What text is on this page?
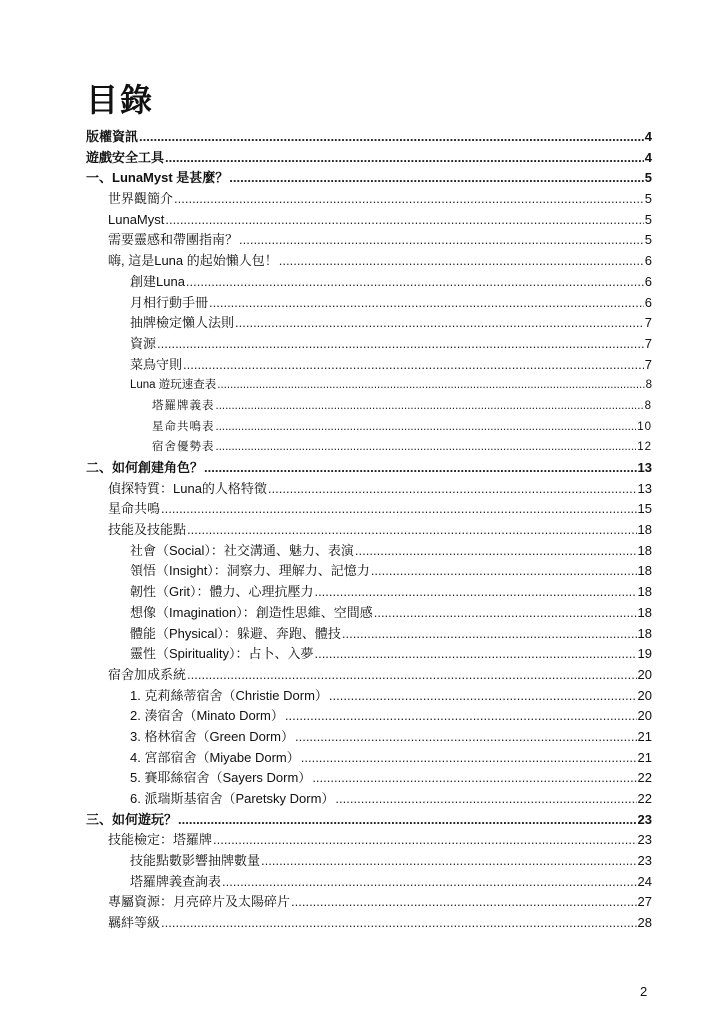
目錄
版權資訊 .....	4
遊戲安全工具 .....	4
一、LunaMyst 是甚麼？ .....	5
世界觀簡介 .....	5
LunaMyst .....	5
需要靈感和帶團指南？ .....	5
嗨, 這是Luna 的起始懶人包！ .....	6
創建Luna .....	6
月相行動手冊 .....	6
抽牌檢定懶人法則 .....	7
資源 .....	7
菜鳥守則 .....	7
Luna 遊玩速查表 .....	8
塔羅牌義表 .....	8
星命共鳴表 .....	10
宿舍優勢表 .....	12
二、如何創建角色？ .....	13
偵探特質：Luna的人格特徵 .....	13
星命共鳴 .....	15
技能及技能點 .....	18
社會（Social）：社交溝通、魅力、表演 .....	18
領悟（Insight）：洞察力、理解力、記憶力 .....	18
韌性（Grit）：體力、心理抗壓力 .....	18
想像（Imagination）：創造性思維、空間感 .....	18
體能（Physical）：躲避、奔跑、體技 .....	18
靈性（Spirituality）：占卜、入夢 .....	19
宿舍加成系統 .....	20
1. 克莉絲蒂宿舍（Christie Dorm） .....	20
2. 湊宿舍（Minato Dorm） .....	20
3. 格林宿舍（Green Dorm） .....	21
4. 宮部宿舍（Miyabe Dorm） .....	21
5. 賽耶絲宿舍（Sayers Dorm） .....	22
6. 派瑞斯基宿舍（Paretsky Dorm） .....	22
三、如何遊玩？ .....	23
技能檢定：塔羅牌 .....	23
技能點數影響抽牌數量 .....	23
塔羅牌義查詢表 .....	24
專屬資源：月亮碎片及太陽碎片 .....	27
羈絆等級 .....	28
2
